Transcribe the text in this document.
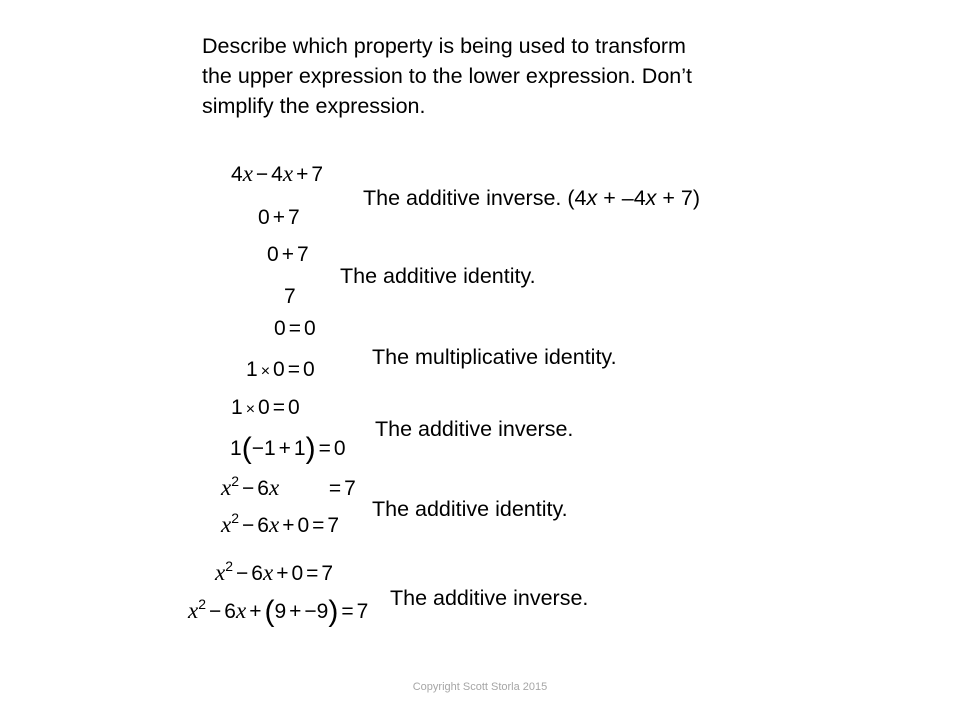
Describe which property is being used to transform
the upper expression to the lower expression. Don’t
simplify the expression.
4x − 4x + 7
0 + 7
The additive inverse. (4x + –4x + 7)
0 + 7
7
The additive identity.
0 = 0
1 × 0 = 0
The multiplicative identity.
1 × 0 = 0
1(−1 + 1) = 0
The additive inverse.
$x^2 - 6x = 7$
$x^2 - 6x + 0 = 7$
The additive identity.
$x^2 - 6x + 0 = 7$
$x^2 - 6x + (9 + -9) = 7$
The additive inverse.
Copyright Scott Storla 2015
